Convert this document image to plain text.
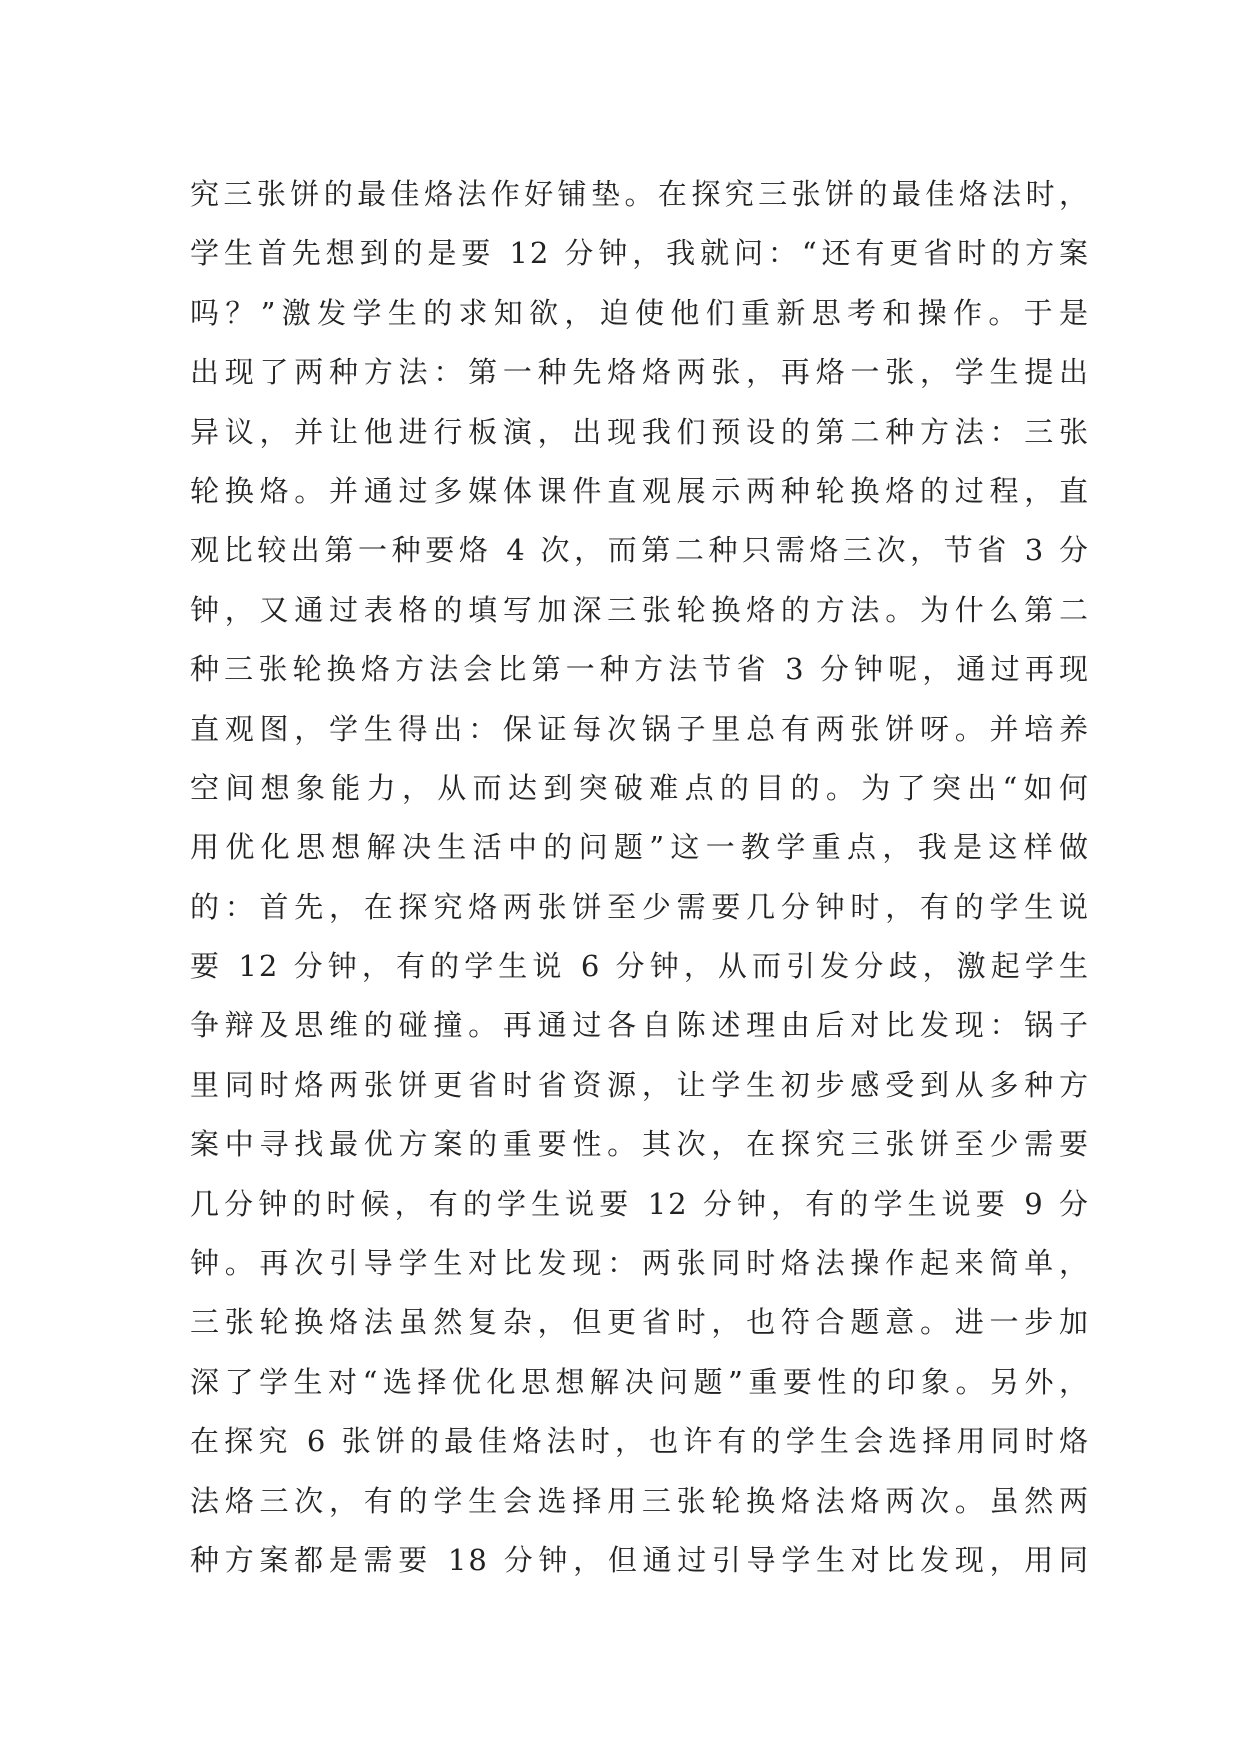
究三张饼的最佳烙法作好铺垫。在探究三张饼的最佳烙法时，
学生首先想到的是要 12 分钟，我就问：“还有更省时的方案
吗？”激发学生的求知欲，迫使他们重新思考和操作。于是
出现了两种方法：第一种先烙烙两张，再烙一张，学生提出
异议，并让他进行板演，出现我们预设的第二种方法：三张
轮换烙。并通过多媒体课件直观展示两种轮换烙的过程，直
观比较出第一种要烙 4 次，而第二种只需烙三次，节省 3 分
钟，又通过表格的填写加深三张轮换烙的方法。为什么第二
种三张轮换烙方法会比第一种方法节省 3 分钟呢，通过再现
直观图，学生得出：保证每次锅子里总有两张饼呀。并培养
空间想象能力，从而达到突破难点的目的。为了突出“如何
用优化思想解决生活中的问题”这一教学重点，我是这样做
的：首先，在探究烙两张饼至少需要几分钟时，有的学生说
要 12 分钟，有的学生说 6 分钟，从而引发分歧，激起学生
争辩及思维的碰撞。再通过各自陈述理由后对比发现：锅子
里同时烙两张饼更省时省资源，让学生初步感受到从多种方
案中寻找最优方案的重要性。其次，在探究三张饼至少需要
几分钟的时候，有的学生说要 12 分钟，有的学生说要 9 分
钟。再次引导学生对比发现：两张同时烙法操作起来简单，
三张轮换烙法虽然复杂，但更省时，也符合题意。进一步加
深了学生对“选择优化思想解决问题”重要性的印象。另外，
在探究 6 张饼的最佳烙法时，也许有的学生会选择用同时烙
法烙三次，有的学生会选择用三张轮换烙法烙两次。虽然两
种方案都是需要 18 分钟，但通过引导学生对比发现，用同
